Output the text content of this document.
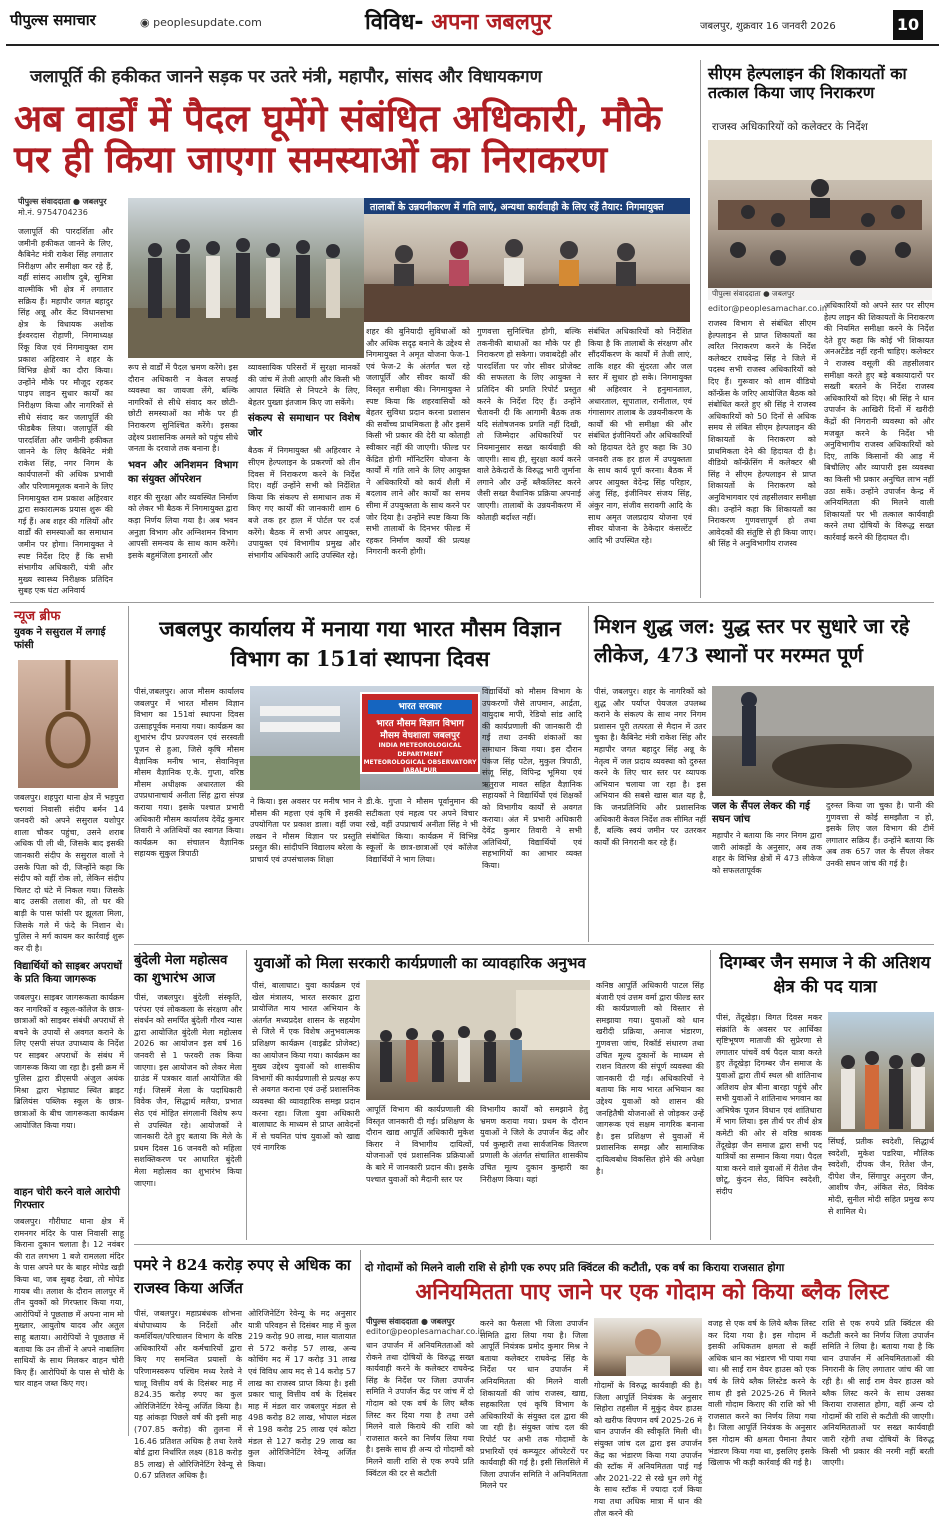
पीपुल्स समाचार	◉ peoplesupdate.com	विविध- अपना जबलपुर	जबलपुर, शुक्रवार 16 जनवरी 2026	10
जलापूर्ति की हकीकत जानने सड़क पर उतरे मंत्री, महापौर, सांसद और विधायकगण
अब वार्डों में पैदल घूमेंगे संबंधित अधिकारी, मौके पर ही किया जाएगा समस्याओं का निराकरण
पीपुल्स संवाददाता ● जबलपुर
मो.नं. 9754704236
जलापूर्ति की पारदर्शिता और जमीनी हकीकत जानने के लिए, कैबिनेट मंत्री राकेश सिंह लगातार निरीक्षण और समीक्षा कर रहे हैं, वहीं सांसद आशीष दुबे, सुमित्रा वाल्मीकि भी क्षेत्र में लगातार सक्रिय हैं। महापौर जगत बहादुर सिंह अन्नू और केंट विधानसभा क्षेत्र के विधायक अशोक ईश्वरदास रोहाणी, निगमाध्यक्ष रिंकू विज एवं निगमायुक्त राम प्रकाश अहिरवार ने शहर के विभिन्न क्षेत्रों का दौरा किया। उन्होंने मौके पर मौजूद रहकर पाइप लाइन सुधार कार्यों का निरीक्षण किया और नागरिकों से सीधे संवाद कर जलापूर्ति की फीडबैक लिया। जलापूर्ति की पारदर्शिता और जमीनी हकीकत जानने के लिए कैबिनेट मंत्री राकेश सिंह, नगर निगम के कार्यपालनों की अधिक प्रभावी और परिणाममूलक बनाने के लिए निगमायुक्त राम प्रकाश अहिरवार द्वारा सकारात्मक प्रयास शुरू की गई हैं। अब शहर की गलियों और वार्डों की समस्याओं का समाधान जमीन पर होगा। निगमायुक्त ने स्पष्ट निर्देश दिए हैं कि सभी संभागीय अधिकारी, यंत्री और मुख्य स्वास्थ्य निरीक्षक प्रतिदिन सुबह एक घंटा अनिवार्य
रूप से वार्डों में पैदल भ्रमण करेंगे। इस दौरान अधिकारी न केवल सफाई व्यवस्था का जायजा लेंगे, बल्कि नागरिकों से सीधे संवाद कर छोटी-छोटी समस्याओं का मौके पर ही निराकरण सुनिश्चित करेंगे। इसका उद्देश्य प्रशासनिक अमले को पहुंच सीधे जनता के दरवाजे तक बनाना है।
भवन और अनिशमन विभाग का संयुक्त ऑपरेशन
शहर की सुरक्षा और व्यवस्थित निर्माण को लेकर भी बैठक में निगमायुक्त द्वारा कड़ा निर्णय लिया गया है। अब भवन अनुज्ञा विभाग और अग्निशमन विभाग आपसी समन्वय के साथ काम करेंगे। इसके बहुमंजिला इमारतों और
व्यावसायिक परिसरों में सुरक्षा मानकों की जांच में तेजी आएगी और किसी भी आपात स्थिति से निपटने के लिए, बेहतर पुख्ता इंतजाम किए जा सकेंगे।
संकल्प से समाधान पर विशेष जोर
बैठक में निगमायुक्त श्री अहिरवार ने सीएम हेल्पलाइन के प्रकरणों को तीन दिवस में निराकरण करने के निर्देश दिए। वहीं उन्होंने सभी को निर्देशित किया कि संकल्प से समाधान तक में किए गए कार्यों की जानकारी शाम 6 बजे तक हर हाल में पोर्टल पर दर्ज करेंगे। बैठक में सभी अपर आयुक्त, उपायुक्त एवं विभागीय प्रमुख और संभागीय अधिकारी आदि उपस्थित रहे।
तालाबों के उन्नयनीकरण में गति लाएं, अन्यथा कार्यवाही के लिए रहें तैयार: निगमायुक्त
शहर की बुनियादी सुविधाओं को और अधिक सदृढ़ बनाने के उद्देश्य से निगमायुक्त ने अमृत योजना फेज-1 एवं फेज-2 के अंतर्गत चल रहे जलापूर्ति और सीवर कार्यों की विस्तृत समीक्षा की। निगमायुक्त ने स्पष्ट किया कि शहरवासियों को बेहतर सुविधा प्रदान करना प्रशासन की सर्वोच्च प्राथमिकता है और इसमें किसी भी प्रकार की देरी या कोताही स्वीकार नहीं की जाएगी। फील्ड पर केंद्रित होगी मॉनिटरिंग योजना के कार्यों में गति लाने के लिए आयुक्त ने अधिकारियों को कार्य शैली में बदलाव लाने और कार्यों का समय सीमा में उपयुक्तता के साथ करने पर जोर दिया है। उन्होंने स्पष्ट किया कि सभी तालाबों के दिनभर फील्ड में रहकर निर्माण कार्यों की प्रत्यक्ष निगरानी करनी होगी।
गुणवत्ता सुनिश्चित होगी, बल्कि तकनीकी बाधाओं का मौके पर ही निराकरण हो सकेगा। जवाबदेही और पारदर्शिता पर जोर सीवर प्रोजेक्ट की सफलता के लिए आयुक्त ने प्रतिदिन की प्रगति रिपोर्ट प्रस्तुत करने के निर्देश दिए हैं। उन्होंने चेतावनी दी कि आगामी बैठक तक यदि संतोषजनक प्रगति नहीं दिखी, तो जिम्मेदार अधिकारियों पर नियमानुसार सख्त कार्यवाही की जाएगी। साथ ही, सुरक्षा कार्य करने वाले ठेकेदारों के विरुद्ध भारी जुर्माना लगाने और उन्हें ब्लैकलिस्ट करने जैसी सख्त वैधानिक प्रक्रिया अपनाई जाएगी। तालाबों के उन्नयनीकरण में कोताही बर्दाश्त नहीं।
संबंधित अधिकारियों को निर्देशित किया है कि तालाबों के संरक्षण और सौंदर्यीकरण के कार्यों में तेजी लाएं, ताकि शहर की सुंदरता और जल स्तर में सुधार हो सके। निगमायुक्त श्री अहिरवार ने हनुमानताल, अधारताल, सूपाताल, रानीताल, एवं गंगासागर तालाब के उन्नयनीकरण के कार्यों की भी समीक्षा की और संबंधित इंजीनियरों और अधिकारियों को हिदायत देते हुए कहा कि 30 जनवरी तक हर हाल में उपयुक्तता के साथ कार्य पूर्ण करना। बैठक में अपर आयुक्त वेदेन्द्र सिंह परिहार, अंजु सिंह, इंजीनियर संजय सिंह, अंकुर नाग, संजीव सरावगी आदि के साथ अमृत जलप्रदाय योजना एवं सीवर योजना के ठेकेदार कंसल्टेंट आदि भी उपस्थित रहे।
सीएम हेल्पलाइन की शिकायतों का तत्काल किया जाए निराकरण
राजस्व अधिकारियों को कलेक्टर के निर्देश
पीपुल्स संवाददाता ● जबलपुर
editor@peoplesamachar.co.in
राजस्व विभाग से संबंधित सीएम हेल्पलाइन से प्राप्त शिकायतों का त्वरित निराकरण करने के निर्देश कलेक्टर राघवेन्द्र सिंह ने जिले में पदस्थ सभी राजस्व अधिकारियों को दिए हैं। गुरूवार को शाम वीडियो कॉन्फ्रेंस के जरिए आयोजित बैठक को संबोधित करते हुए श्री सिंह ने राजस्व अधिकारियों को 50 दिनों से अधिक समय से लंबित सीएम हेल्पलाइन की शिकायतों के निराकरण को प्राथमिकता देने की हिदायत दी है। वीडियो कॉन्फ्रेंसिंग में कलेक्टर श्री सिंह ने सीएम हेल्पलाइन से प्राप्त शिकायतों के निराकरण को अनुविभागवार एवं तहसीलवार समीक्षा की। उन्होंने कहा कि शिकायतों का निराकरण गुणवत्तापूर्ण हो तथा आवेदकों की संतुष्टि से ही किया जाए। श्री सिंह ने अनुविभागीय राजस्व
अधिकारियों को अपने स्तर पर सीएम हेल्प लाइन की शिकायतों के निराकरण की नियमित समीक्षा करने के निर्देश देते हुए कहा कि कोई भी शिकायत अनअटेंडेड नहीं रहनी चाहिए। कलेक्टर ने राजस्व वसूली की तहसीलवार समीक्षा करते हुए बड़े बकायादारों पर सख्ती बरतने के निर्देश राजस्व अधिकारियों को दिए। श्री सिंह ने धान उपार्जन के आखिरी दिनों में खरीदी केंद्रों की निगरानी व्यवस्था को और मजबूत करने के निर्देश भी अनुविभागीय राजस्व अधिकारियों को दिए, ताकि किसानों की आड़ में बिचौलिए और व्यापारी इस व्यवस्था का किसी भी प्रकार अनुचित लाभ नहीं उठा सकें। उन्होंने उपार्जन केन्द्र में अनियमितता की मिलने वाली शिकायतों पर भी तत्काल कार्यवाही करने तथा दोषियों के विरूद्ध सख्त कार्रवाई करने की हिदायत दी।
न्यूज ब्रीफ
युवक ने ससुराल में लगाई फांसी
जबलपुर। शहपुरा थाना क्षेत्र में भड़पुरा चरगवां निवासी संदीप बर्मन 14 जनवरी को अपने ससुराल यशोपुर शाला चौकर पहुंचा, उसने शराब अधिक पी ली थी, जिसके बाद इसकी जानकारी संदीप के ससुराल वालों ने उसके पिता को दी, जिन्होंने कहा कि संदीप को वहीं रोक लो, लेकिन संदीप चिलट दो घंटे में निकल गया। जिसके बाद उसकी तलाश की, तो घर की बाड़ी के पास फांसी पर झूलता मिला, जिसके गले में फंदे के निशान थे। पुलिस ने मर्ग कायम कर कार्रवाई शुरू कर दी है।
विद्यार्थियों को साइबर अपराधों के प्रति किया जागरूक
जबलपुर। साइबर जागरूकता कार्यक्रम कर नागरिकों व स्कूल-कॉलेज के छात्र-छात्राओं को साइबर संबंधी अपराधों से बचने के उपायों से अवगत कराने के लिए एसपी संपत उपाध्याय के निर्देश पर साइबर अपराधों के संबंध में जागरूक किया जा रहा है। इसी क्रम में पुलिस द्वारा डीएसपी अंजुल अयंक मिश्रा द्वारा भेड़ाघाट स्थित ब्राइट ब्रिलियंस पब्लिक स्कूल के छात्र-छात्राओं के बीच जागरूकता कार्यक्रम आयोजित किया गया।
वाहन चोरी करने वाले आरोपी गिरफ्तार
जबलपुर। गौरीघाट थाना क्षेत्र में रामनगर मंदिर के पास निवासी साहू किराना दुकान चलाता है। 12 नवंबर की रात लगभग 1 बजे रामलला मंदिर के पास अपने घर के बाहर मोपेड खड़ी किया था, जब सुबह देखा, तो मोपेड गायब थी। तलाश के दौरान लालपुर में तीन युवकों को गिरफ्तार किया गया, आरोपियों ने पूछताछ में अपना नाम मो मुख्तार, आयुतोष यादव और अतुल साहू बताया। आरोपियों ने पूछताछ में बताया कि उन तीनों ने अपने नाबालिग साथियों के साथ मिलकर वाहन चोरी किए हैं। आरोपियों के पास से चोरी के चार वाहन जब्त किए गए।
जबलपुर कार्यालय में मनाया गया भारत मौसम विज्ञान विभाग का 151वां स्थापना दिवस
पीसं,जबलपुर। आज मौसम कार्यालय जबलपुर में भारत मौसम विज्ञान विभाग का 151वां स्थापना दिवस उत्साहपूर्वक मनाया गया। कार्यक्रम का शुभारंभ दीप प्रज्ज्वलन एवं सरस्वती पूजन से हुआ, जिसे कृषि मौसम वैज्ञानिक मनीष भान, सेवानिवृत्त मौसम वैज्ञानिक ए.के. गुप्ता, वरिष्ठ मौसम अधीक्षक अधारताल की उपप्रधानाचार्य अनीता सिंह द्वारा संपन्न कराया गया। इसके पश्चात प्रभारी अधिकारी मौसम कार्यालय देवेंद्र कुमार तिवारी ने अतिथियों का स्वागत किया। कार्यक्रम का संचालन वैज्ञानिक सहायक सुकुल त्रिपाठी
भारत सरकार
भारत मौसम विज्ञान विभाग
मौसम वेधशाला जबलपुर
INDIA METEOROLOGICAL DEPARTMENT
METEOROLOGICAL OBSERVATORY JABALPUR
ने किया। इस अवसर पर मनीष भान ने मौसम की महत्ता एवं कृषि में इसकी उपयोगिता पर प्रकाश डाला। वहीं जया लखन ने मौसम विज्ञान पर प्रस्तुति प्रस्तुत की। सांदीपनि विद्यालय बरेला के प्राचार्य एवं उपसंचालक शिक्षा
डी.के. गुप्ता ने मौसम पूर्वानुमान की सटीकता एवं महत्व पर अपने विचार रखे, वहीं उपप्राचार्य अनीता सिंह ने भी संबोधित किया। कार्यक्रम में विभिन्न स्कूलों के छात्र-छात्राओं एवं कॉलेज विद्यार्थियों ने भाग लिया।
विद्यार्थियों को मौसम विभाग के उपकरणों जैसे तापमान, आर्द्रता, वायुदाब मापी, रेडियो सांड आदि की कार्यप्रणाली की जानकारी दी गई तथा उनकी शंकाओं का समाधान किया गया। इस दौरान पंकज सिंह पटेल, मुकुल त्रिपाठी, संजू सिंह, विपिन्द्र भूमिया एवं ऋतुराज मावत सहित वैज्ञानिक सहायकों ने विद्यार्थियों एवं शिक्षकों को विभागीय कार्यों से अवगत कराया। अंत में प्रभारी अधिकारी देवेंद्र कुमार तिवारी ने सभी अतिथियों, विद्यार्थियों एवं सहभागियों का आभार व्यक्त किया।
मिशन शुद्ध जल: युद्ध स्तर पर सुधारे जा रहे लीकेज, 473 स्थानों पर मरम्मत पूर्ण
पीसं, जबलपुर। शहर के नागरिकों को शुद्ध और पर्याप्त पेयजल उपलब्ध कराने के संकल्प के साथ नगर निगम प्रशासन पूरी तत्परता से मैदान में उतर चुका है। कैबिनेट मंत्री राकेश सिंह और महापौर जगत बहादुर सिंह अन्नू के नेतृत्व में जल प्रदाय व्यवस्था को दुरुस्त करने के लिए चार स्तर पर व्यापक अभियान चलाया जा रहा है। इस अभियान की सबसे खास बात यह है, कि जनप्रतिनिधि और प्रशासनिक अधिकारी केवल निर्देश तक सीमित नहीं हैं, बल्कि स्वयं जमीन पर उतरकर कार्यों की निगरानी कर रहे हैं।
जल के सैंपल लेकर की गई सघन जांच
महापौर ने बताया कि नगर निगम द्वारा जारी आंकड़ों के अनुसार, अब तक शहर के विभिन्न क्षेत्रों में 473 लीकेज को सफलतापूर्वक
दुरुस्त किया जा चुका है। पानी की गुणवत्ता से कोई समझौता न हो, इसके लिए जल विभाग की टीमें लगातार सक्रिय हैं। उन्होंने बताया कि अब तक 657 जल के सैंपल लेकर उनकी सघन जांच की गई है।
बुंदेली मेला महोत्सव का शुभारंभ आज
पीसं, जबलपुर। बुंदेली संस्कृति, परंपरा एवं लोककला के संरक्षण और संवर्धन को समर्पित बुंदेली गौरव न्यास द्वारा आयोजित बुंदेली मेला महोत्सव 2026 का आयोजन इस वर्ष 16 जनवरी से 1 फरवरी तक किया जाएगा। इस आयोजन को लेकर मेला ग्राउंड में पत्रकार वार्ता आयोजित की गई। जिसमें मेला के पदाधिकारी विवेक जैन, सिद्धार्थ मलैया, प्रभात सेठ एवं मोहित संगलानी विशेष रूप से उपस्थित रहे। आयोजकों ने जानकारी देते हुए बताया कि मेले के प्रथम दिवस 16 जनवरी को महिला सशक्तिकरण पर आधारित बुंदेली मेला महोत्सव का शुभारंभ किया जाएगा।
युवाओं को मिला सरकारी कार्यप्रणाली का व्यावहारिक अनुभव
पीसं, बालाघाट। युवा कार्यक्रम एवं खेल मंत्रालय, भारत सरकार द्वारा प्रायोजित माय भारत अभियान के अंतर्गत मध्यप्रदेश शासन के सहयोग से जिले में एक विशेष अनुभवात्मक प्रशिक्षण कार्यक्रम (वाइब्रेंट प्रोजेक्ट) का आयोजन किया गया। कार्यक्रम का मुख्य उद्देश्य युवाओं को शासकीय विभागों की कार्यप्रणाली से प्रत्यक्ष रूप से अवगत कराना एवं उन्हें प्रशासनिक व्यवस्था की व्यावहारिक समझ प्रदान करना रहा। जिला युवा अधिकारी बालाघाट के माध्यम से प्राप्त आवेदनों में से चयनित पांच युवाओं को खाद्य एवं नागरिक
आपूर्ति विभाग की कार्यप्रणाली की विस्तृत जानकारी दी गई। प्रशिक्षण के दौरान खाद्य आपूर्ति अधिकारी मुकेश किरार ने विभागीय दायित्वों, योजनाओं एवं प्रशासनिक प्रक्रियाओं के बारे में जानकारी प्रदान की। इसके पश्चात युवाओं को मैदानी स्तर पर
विभागीय कार्यों को समझाने हेतु भ्रमण कराया गया। प्रथम के दौरान युवाओं ने जिले के उपार्जन केंद्र और पर्व कुम्हारी तथा सार्वजनिक वितरण प्रणाली के अंतर्गत संचालित शासकीय उचित मूल्य दुकान कुम्हारी का निरीक्षण किया। यहां
कनिष्ठ आपूर्ति अधिकारी पाटल सिंह बंजारी एवं उत्तम वर्मा द्वारा फील्ड स्तर की कार्यप्रणाली को विस्तार से समझाया गया। युवाओं को धान खरीदी प्रक्रिया, अनाज भंडारण, गुणवत्ता जांच, रिकॉर्ड संधारण तथा उचित मूल्य दुकानों के माध्यम से राशन वितरण की संपूर्ण व्यवस्था की जानकारी दी गई। अधिकारियों ने बताया कि माय भारत अभियान का उद्देश्य युवाओं को शासन की जनहितैषी योजनाओं से जोड़कर उन्हें जागरूक एवं सक्षम नागरिक बनाना है। इस प्रशिक्षण से युवाओं में प्रशासनिक समझ और सामाजिक दायित्वबोध विकसित होने की अपेक्षा है।
दिगम्बर जैन समाज ने की अतिशय क्षेत्र की पद यात्रा
पीसं, तेंदूखेड़ा। विगत दिवस मकर संक्रांति के अवसर पर आर्थिका सृष्टिभूषण माताजी की सुप्रेरणा से लगातार पांचवें वर्ष पैदल यात्रा करते हुए तेंदूखेड़ा दिगम्बर जैन समाज के युवाओं द्वारा तीर्थ स्थल श्री शांतिनाथ अतिशय क्षेत्र बीना बारहा पहुंचे और सभी युवाओं ने शांतिनाथ भगवान का अभिषेक पूजन विधान एवं शांतिधारा में भाग लिया। इस तीर्थ पर तीर्थ क्षेत्र कमेटी की ओर से वरिष्ठ श्रावक तेंदूखेड़ा जैन समाज द्वारा सभी पद यात्रियों का सम्मान किया गया। पैदल यात्रा करने वाले युवाओं में रीतेश जैन छोटू, कुंदन सेठ, विपिन स्वदेशी, संदीप
सिंघई, प्रतीक स्वदेशी, सिद्धार्थ स्वदेशी, मुकेश पडरिया, मौलिक स्वदेशी, दीपक जैन, रितेश जैन, दीपेश जैन, सिंगापुर अनुराग जैन, आशीष जैन, अंकित सेठ, विवेक मोदी, सुनील मोदी सहित प्रमुख रूप से शामिल थे।
पमरे ने 824 करोड़ रुपए से अधिक का राजस्व किया अर्जित
पीसं, जबलपुर। महाप्रबंधक शोभना बंधोपाध्याय के निर्देशों और कमर्शियल/परिचालन विभाग के वरिष्ठ अधिकारियों और कर्मचारियों द्वारा किए गए समन्वित प्रयासों के परिणामस्वरूप पश्चिम मध्य रेलवे ने चालू वित्तीय वर्ष के दिसंबर माह में 824.35 करोड़ रुपए का कुल ओरिजिनेटिंग रेवेन्यू अर्जित किया है। यह आंकड़ा पिछले वर्ष की इसी माह (707.85 करोड़) की तुलना में 16.46 प्रतिशत अधिक है तथा रेलवे बोर्ड द्वारा निर्धारित लक्ष्य (818 करोड़ 85 लाख) से ओरिजिनेटिंग रेवेन्यू से 0.67 प्रतिशत अधिक है।
ओरिजिनेटिंग रेवेन्यू के मद अनुसार यात्री परिवहन से दिसंबर माह में कुल 219 करोड़ 90 लाख, माल यातायात से 572 करोड़ 57 लाख, अन्य कोचिंग मद में 17 करोड़ 31 लाख एवं विविध आय मद से 14 करोड़ 57 लाख का राजस्व प्राप्त किया है। इसी प्रकार चालू वित्तीय वर्ष के दिसंबर माह में मंडल वार जबलपुर मंडल से 498 करोड़ 82 लाख, भोपाल मंडल से 198 करोड़ 25 लाख एवं कोटा मंडल से 127 करोड़ 29 लाख का कुल ओरिजिनेटिंग रेवेन्यू अर्जित किया।
दो गोदामों को मिलने वाली राशि से होगी एक रुपए प्रति क्विंटल की कटौती, एक वर्ष का किराया राजसात होगा
अनियमितता पाए जाने पर एक गोदाम को किया ब्लैक लिस्ट
पीपुल्स संवाददाता ● जबलपुर
editor@peoplesamachar.co.in
धान उपार्जन में अनियमितताओं को रोकने तथा दोषियों के विरुद्ध सख्त कार्यवाही करने के कलेक्टर राघवेन्द्र सिंह के निर्देश पर जिला उपार्जन समिति ने उपार्जन केंद्र पर जांच में दो गोदाम को एक वर्ष के लिए ब्लैक लिस्ट कर दिया गया है तथा उसे मिलने वाले किराये की राशि को राजसात करने का निर्णय लिया गया है। इसके साथ ही अन्य दो गोदामों को मिलने वाली राशि से एक रुपये प्रति क्विंटल की दर से कटौती
करने का फैसला भी जिला उपार्जन समिति द्वारा लिया गया है। जिला आपूर्ति नियंत्रक प्रमोद कुमार मिश्र ने बताया कलेक्टर राघवेन्द्र सिंह के निर्देश पर धान उपार्जन में अनियमितता की मिलने वाली शिकायतों की जांच राजस्व, खाद्य, सहकारिता एवं कृषि विभाग के अधिकारियों के संयुक्त दल द्वारा की जा रही है। संयुक्त जांच दल की रिपोर्ट पर अभी तक गोदामों के प्रभारियों एवं कम्प्यूटर ऑपरेटरों पर कार्यवाही की गई है। इसी सिलसिले में जिला उपार्जन समिति ने अनियमितता मिलने पर
गोदामों के विरुद्ध कार्यवाही की है। जिला आपूर्ति नियंत्रक के अनुसार सिहोरा तहसील में मुकुंद वेयर हाउस को खरीफ विपणन वर्ष 2025-26 में धान उपार्जन की स्वीकृति मिली थी। संयुक्त जांच दल द्वारा इस उपार्जन केंद्र का भंडारण किया गया उपार्जन की स्टॉक में अनियमितता पाई गई और 2021-22 से रखे धुन लगे गेहूं के साथ स्टॉक में ज्यादा दर्ज किया गया तथा अधिक मात्रा में धान की तौल करने की
वजह से एक वर्ष के लिये ब्लैक लिस्ट कर दिया गया है। इस गोदाम में इसकी अधिकतम क्षमता से कहीं अधिक धान का भंडारण भी पाया गया था। श्री साईं राम वेयर हाउस को एक वर्ष के लिये ब्लैक लिस्टेड करने के साथ ही इसे 2025-26 में मिलने वाली गोदाम किराए की राशि को भी राजसात करने का निर्णय लिया गया है। जिला आपूर्ति नियंत्रक के अनुसार इस गोदाम की क्षमता पैमाना तैयार भंडारण किया गया था, इसलिए इसके खिलाफ भी कड़ी कार्रवाई की गई है।
राशि से एक रुपये प्रति क्विंटल की कटौती करने का निर्णय जिला उपार्जन समिति ने लिया है। बताया गया है कि धान उपार्जन में अनियमितताओं की निगरानी के लिए लगातार जांच की जा रही है। श्री साईं राम वेयर हाउस को ब्लैक लिस्ट करने के साथ उसका किराया राजसात होगा, वहीं अन्य दो गोदामों की राशि से कटौती की जाएगी। अनियमितताओं पर सख्त कार्यवाही जारी रहेगी तथा दोषियों के विरुद्ध किसी भी प्रकार की नरमी नहीं बरती जाएगी।
